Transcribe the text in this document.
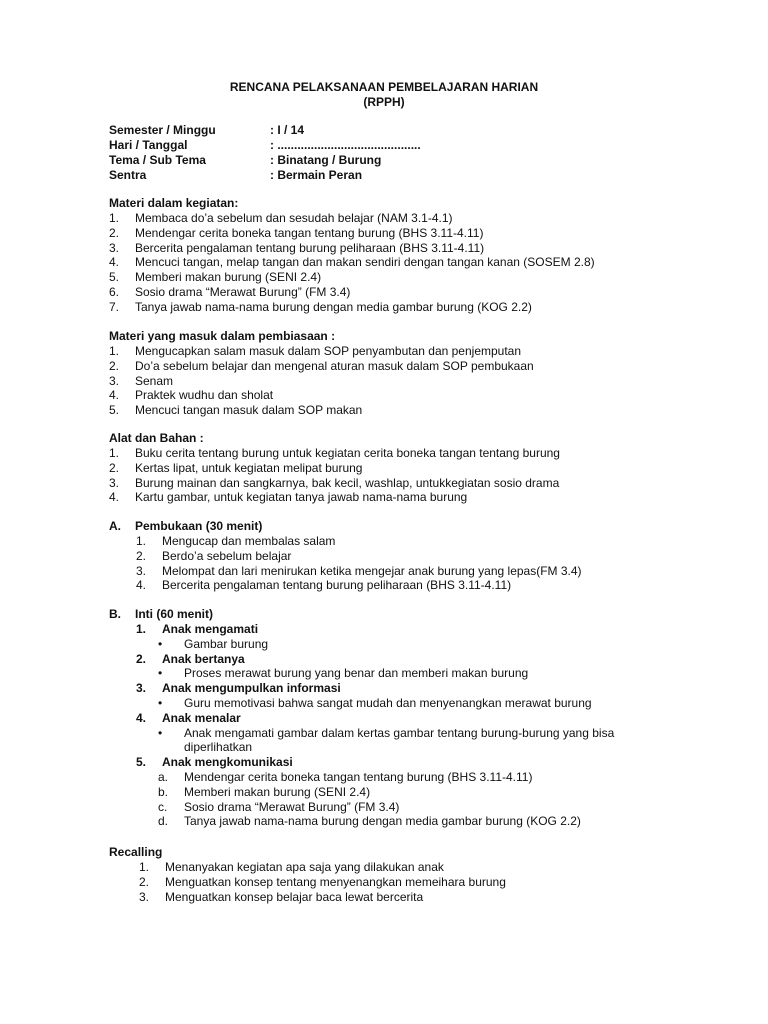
RENCANA PELAKSANAAN PEMBELAJARAN HARIAN
(RPPH)
Semester / Minggu	: I / 14
Hari / Tanggal	: ...........................................
Tema / Sub Tema	: Binatang / Burung
Sentra	: Bermain Peran
Materi dalam kegiatan:
1.	Membaca do’a sebelum dan sesudah belajar (NAM 3.1-4.1)
2.	Mendengar cerita boneka tangan tentang burung (BHS 3.11-4.11)
3.	Bercerita pengalaman tentang burung peliharaan (BHS 3.11-4.11)
4.	Mencuci tangan, melap tangan dan makan sendiri dengan tangan kanan (SOSEM 2.8)
5.	Memberi makan burung (SENI 2.4)
6.	Sosio drama “Merawat Burung” (FM 3.4)
7.	Tanya jawab nama-nama burung dengan media gambar burung (KOG 2.2)
Materi yang masuk dalam pembiasaan :
1.	Mengucapkan salam masuk dalam SOP penyambutan dan penjemputan
2.	Do’a sebelum belajar dan mengenal aturan masuk dalam SOP pembukaan
3.	Senam
4.	Praktek wudhu dan sholat
5.	Mencuci tangan masuk dalam SOP makan
Alat dan Bahan :
1.	Buku cerita tentang burung untuk kegiatan cerita boneka tangan tentang burung
2.	Kertas lipat, untuk kegiatan melipat burung
3.	Burung mainan dan sangkarnya, bak kecil, washlap, untukkegiatan sosio drama
4.	Kartu gambar, untuk kegiatan tanya jawab nama-nama burung
A.	Pembukaan (30 menit)
1.	Mengucap dan membalas salam
2.	Berdo’a sebelum belajar
3.	Melompat dan lari menirukan ketika mengejar anak burung yang lepas(FM 3.4)
4.	Bercerita pengalaman tentang burung peliharaan (BHS 3.11-4.11)
B.	Inti (60 menit)
1.	Anak mengamati
•	Gambar burung
2.	Anak bertanya
•	Proses merawat burung yang benar dan memberi makan burung
3.	Anak mengumpulkan informasi
•	Guru memotivasi bahwa sangat mudah dan menyenangkan merawat burung
4.	Anak menalar
•	Anak mengamati gambar dalam kertas gambar tentang burung-burung yang bisa diperlihatkan
5.	Anak mengkomunikasi
a.	Mendengar cerita boneka tangan tentang burung (BHS 3.11-4.11)
b.	Memberi makan burung (SENI 2.4)
c.	Sosio drama “Merawat Burung” (FM 3.4)
d.	Tanya jawab nama-nama burung dengan media gambar burung (KOG 2.2)
Recalling
1.	Menanyakan kegiatan apa saja yang dilakukan anak
2.	Menguatkan konsep tentang menyenangkan memeihara burung
3.	Menguatkan konsep belajar baca lewat bercerita
